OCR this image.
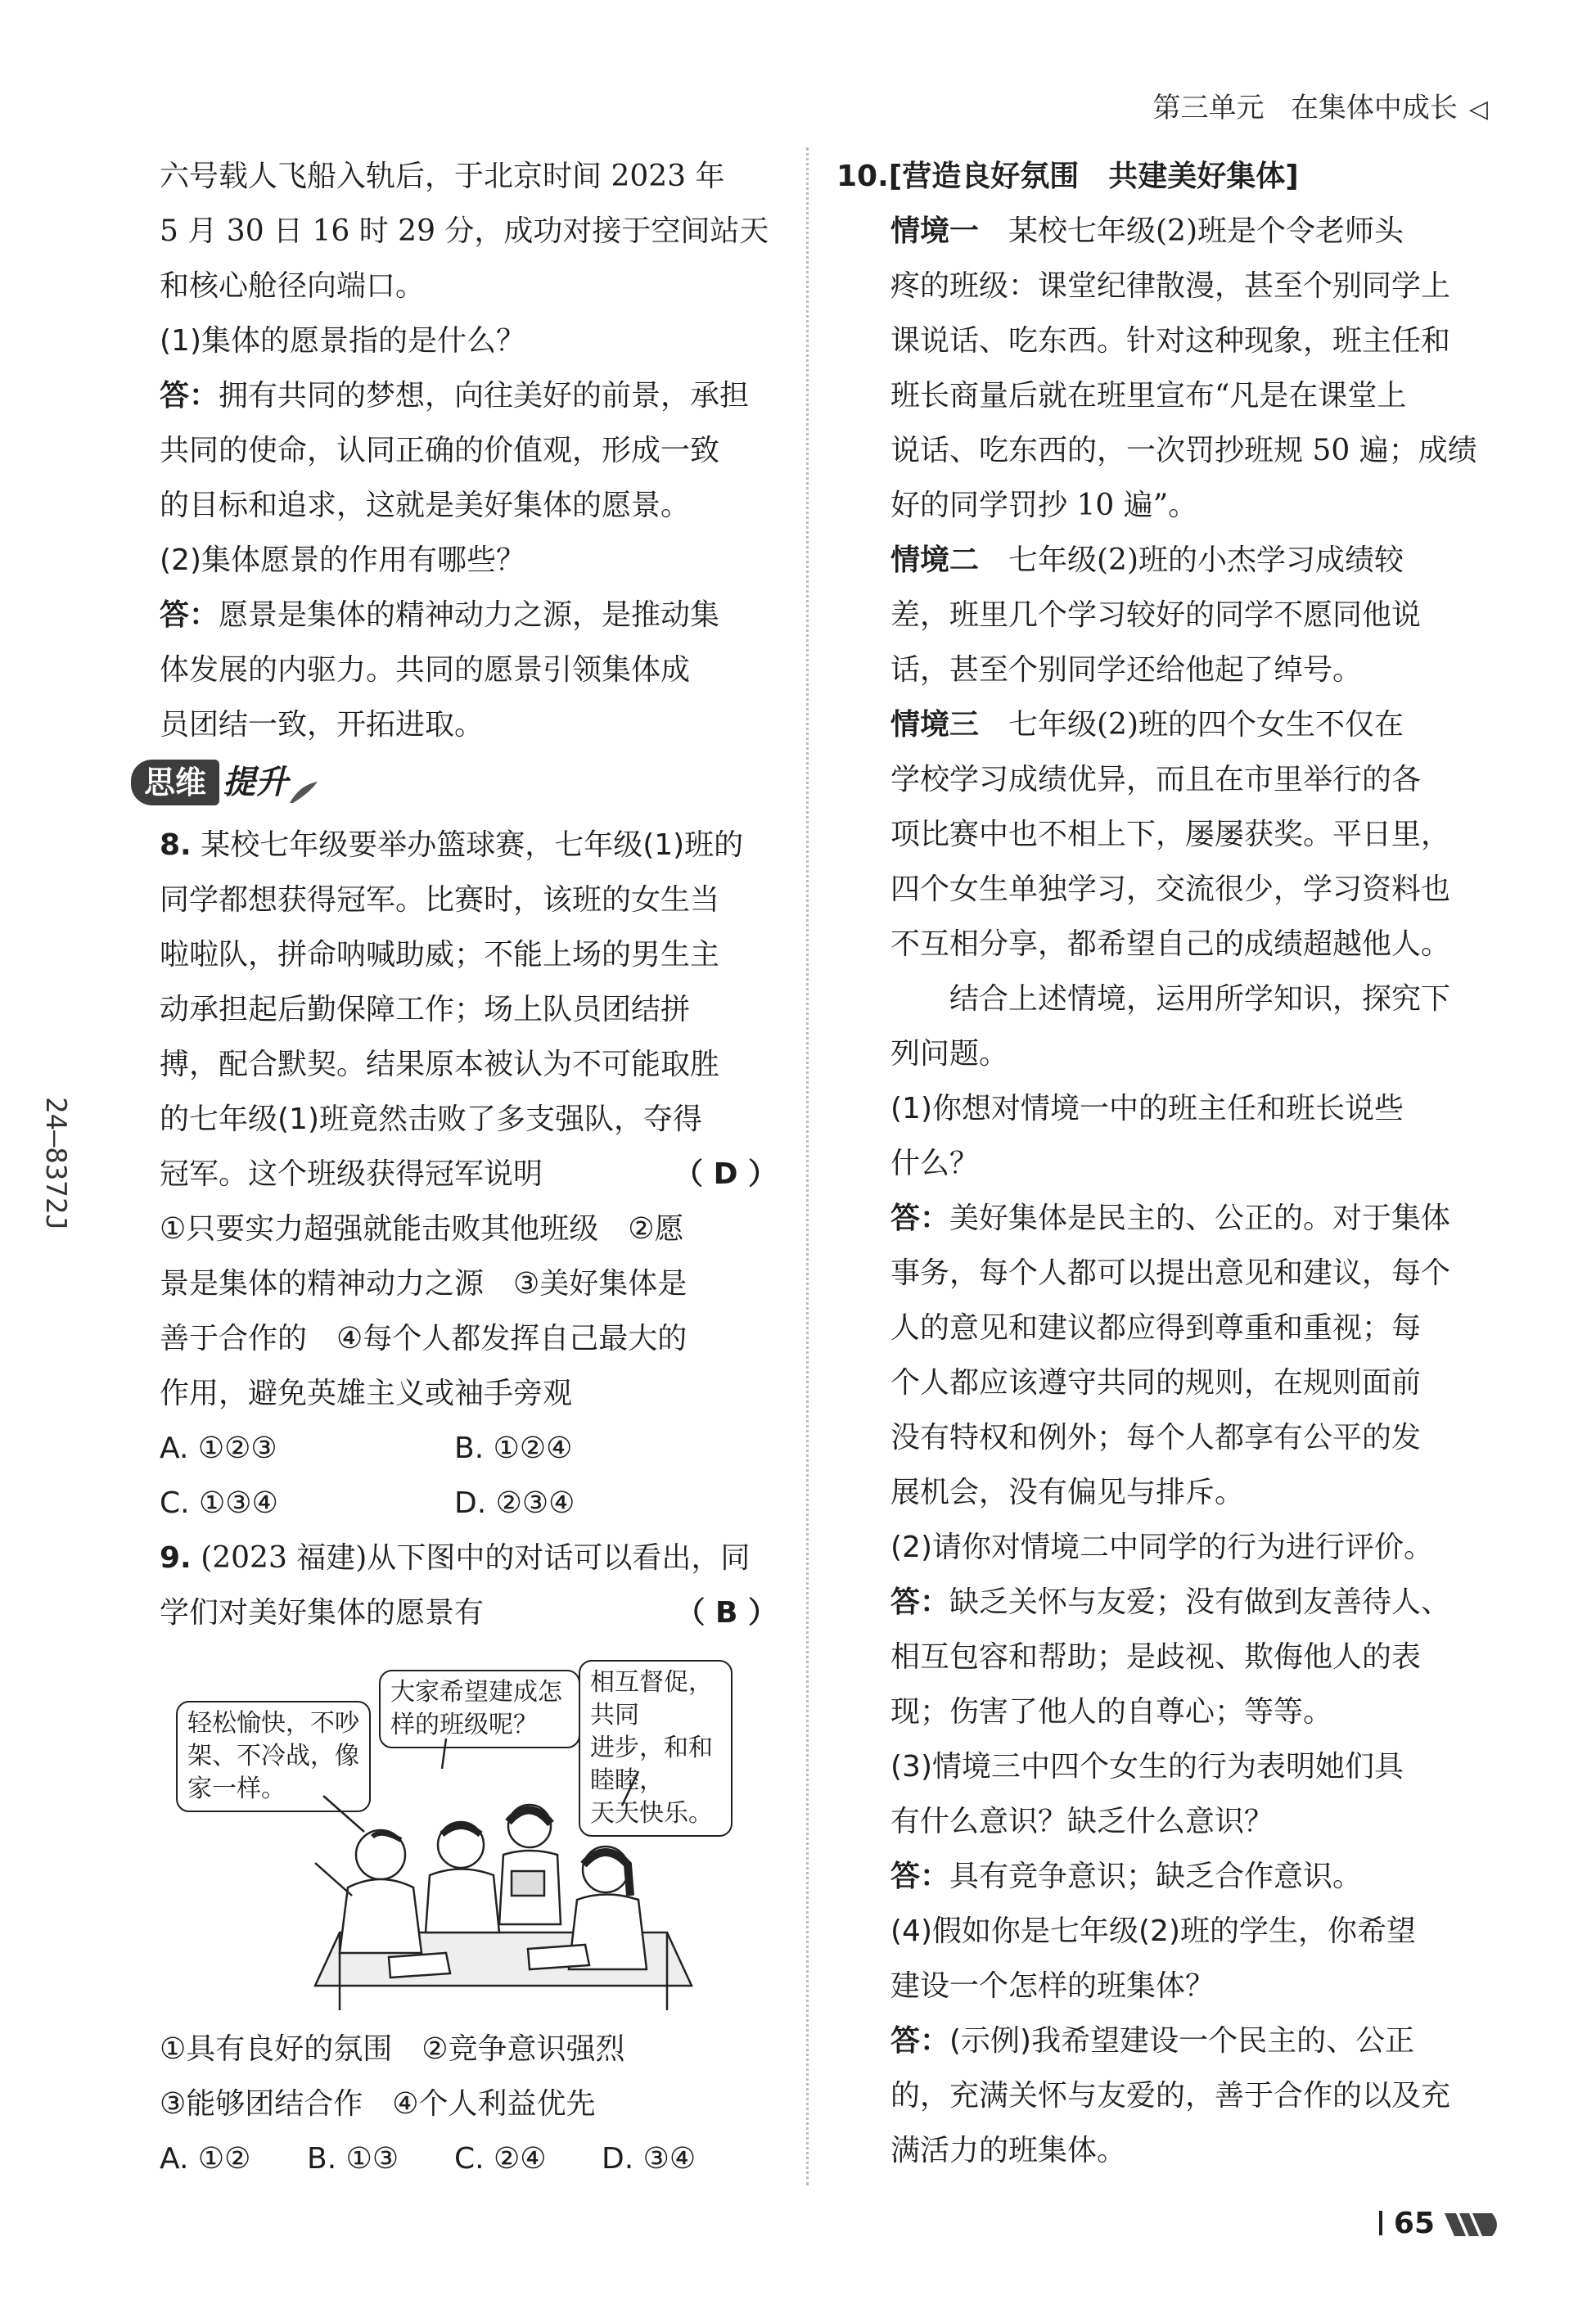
第三单元 在集体中成长 ◁
24—8372J
六号载人飞船入轨后，于北京时间 2023 年
5 月 30 日 16 时 29 分，成功对接于空间站天
和核心舱径向端口。
(1)集体的愿景指的是什么？
答：拥有共同的梦想，向往美好的前景，承担
共同的使命，认同正确的价值观，形成一致
的目标和追求，这就是美好集体的愿景。
(2)集体愿景的作用有哪些？
答：愿景是集体的精神动力之源，是推动集
体发展的内驱力。共同的愿景引领集体成
员团结一致，开拓进取。
思维 提升
8. 某校七年级要举办篮球赛，七年级(1)班的
同学都想获得冠军。比赛时，该班的女生当
啦啦队，拼命呐喊助威；不能上场的男生主
动承担起后勤保障工作；场上队员团结拼
搏，配合默契。结果原本被认为不可能取胜
的七年级(1)班竟然击败了多支强队，夺得
冠军。这个班级获得冠军说明	（ D ）
①只要实力超强就能击败其他班级　②愿
景是集体的精神动力之源　③美好集体是
善于合作的　④每个人都发挥自己最大的
作用，避免英雄主义或袖手旁观
A. ①②③	B. ①②④
C. ①③④	D. ②③④
9. (2023 福建)从下图中的对话可以看出，同
学们对美好集体的愿景有	（ B ）
轻松愉快，不吵
架、不冷战，像
家一样。
大家希望建成怎
样的班级呢？
相互督促，共同
进步，和和睦睦，
天天快乐。
①具有良好的氛围　②竞争意识强烈
③能够团结合作　④个人利益优先
A. ①②	B. ①③	C. ②④	D. ③④
10.[营造良好氛围　共建美好集体]
情境一　某校七年级(2)班是个令老师头
疼的班级：课堂纪律散漫，甚至个别同学上
课说话、吃东西。针对这种现象，班主任和
班长商量后就在班里宣布“凡是在课堂上
说话、吃东西的，一次罚抄班规 50 遍；成绩
好的同学罚抄 10 遍”。
情境二　七年级(2)班的小杰学习成绩较
差，班里几个学习较好的同学不愿同他说
话，甚至个别同学还给他起了绰号。
情境三　七年级(2)班的四个女生不仅在
学校学习成绩优异，而且在市里举行的各
项比赛中也不相上下，屡屡获奖。平日里，
四个女生单独学习，交流很少，学习资料也
不互相分享，都希望自己的成绩超越他人。
　　结合上述情境，运用所学知识，探究下
列问题。
(1)你想对情境一中的班主任和班长说些
什么？
答：美好集体是民主的、公正的。对于集体
事务，每个人都可以提出意见和建议，每个
人的意见和建议都应得到尊重和重视；每
个人都应该遵守共同的规则，在规则面前
没有特权和例外；每个人都享有公平的发
展机会，没有偏见与排斥。
(2)请你对情境二中同学的行为进行评价。
答：缺乏关怀与友爱；没有做到友善待人、
相互包容和帮助；是歧视、欺侮他人的表
现；伤害了他人的自尊心；等等。
(3)情境三中四个女生的行为表明她们具
有什么意识？缺乏什么意识？
答：具有竞争意识；缺乏合作意识。
(4)假如你是七年级(2)班的学生，你希望
建设一个怎样的班集体？
答：(示例)我希望建设一个民主的、公正
的，充满关怀与友爱的，善于合作的以及充
满活力的班集体。
65
